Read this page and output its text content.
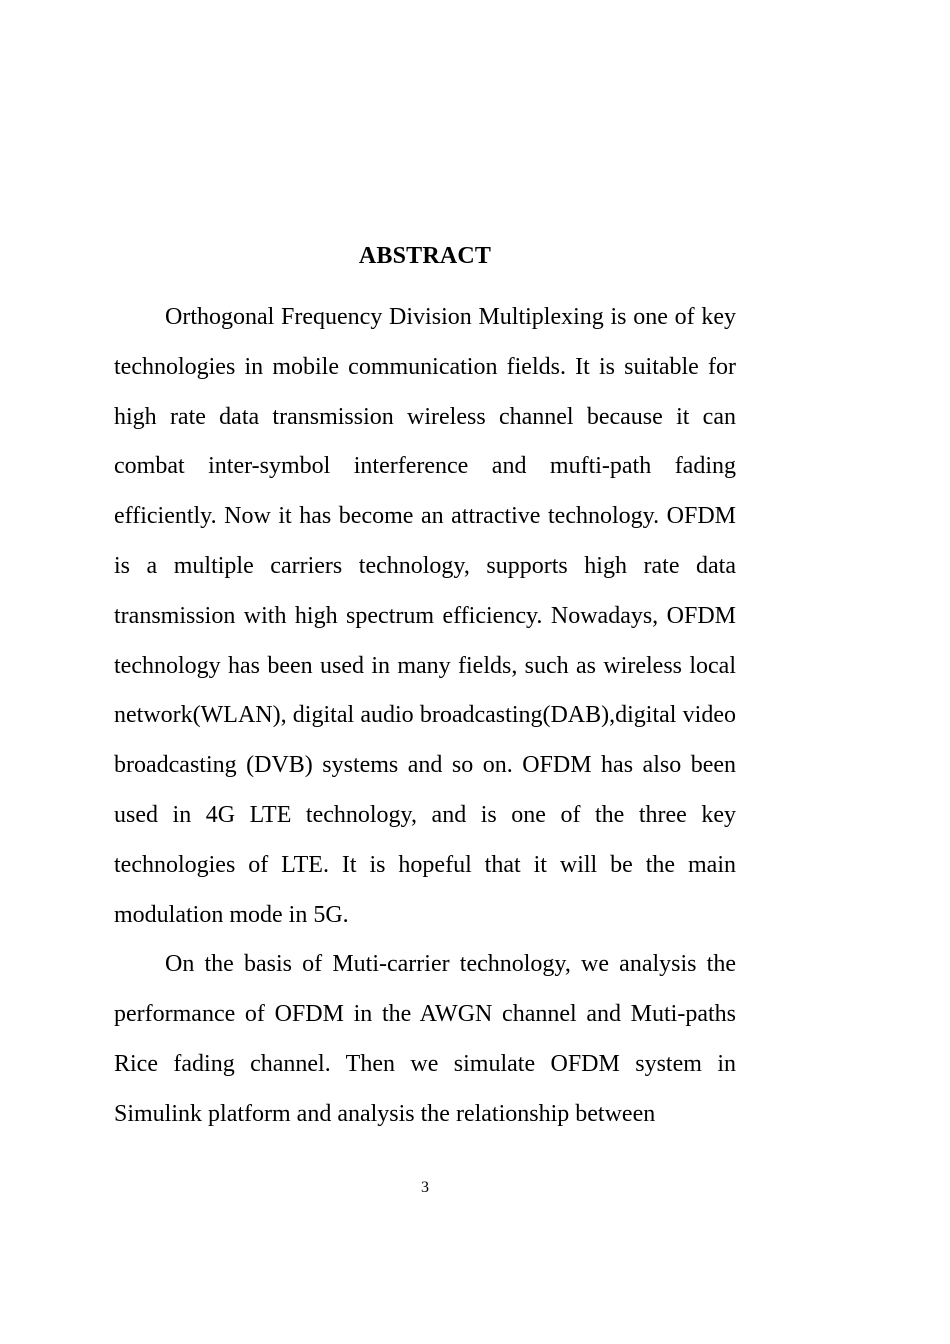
ABSTRACT

Orthogonal Frequency Division Multiplexing is one of key technologies in mobile communication fields. It is suitable for high rate data transmission wireless channel because it can combat inter-symbol interference and mufti-path fading efficiently. Now it has become an attractive technology. OFDM is a multiple carriers technology, supports high rate data transmission with high spectrum efficiency. Nowadays, OFDM technology has been used in many fields, such as wireless local network(WLAN), digital audio broadcasting(DAB),digital video broadcasting (DVB) systems and so on. OFDM has also been used in 4G LTE technology, and is one of the three key technologies of LTE. It is hopeful that it will be the main modulation mode in 5G.

On the basis of Muti-carrier technology, we analysis the performance of OFDM in the AWGN channel and Muti-paths Rice fading channel. Then we simulate OFDM system in Simulink platform and analysis the relationship between

3
